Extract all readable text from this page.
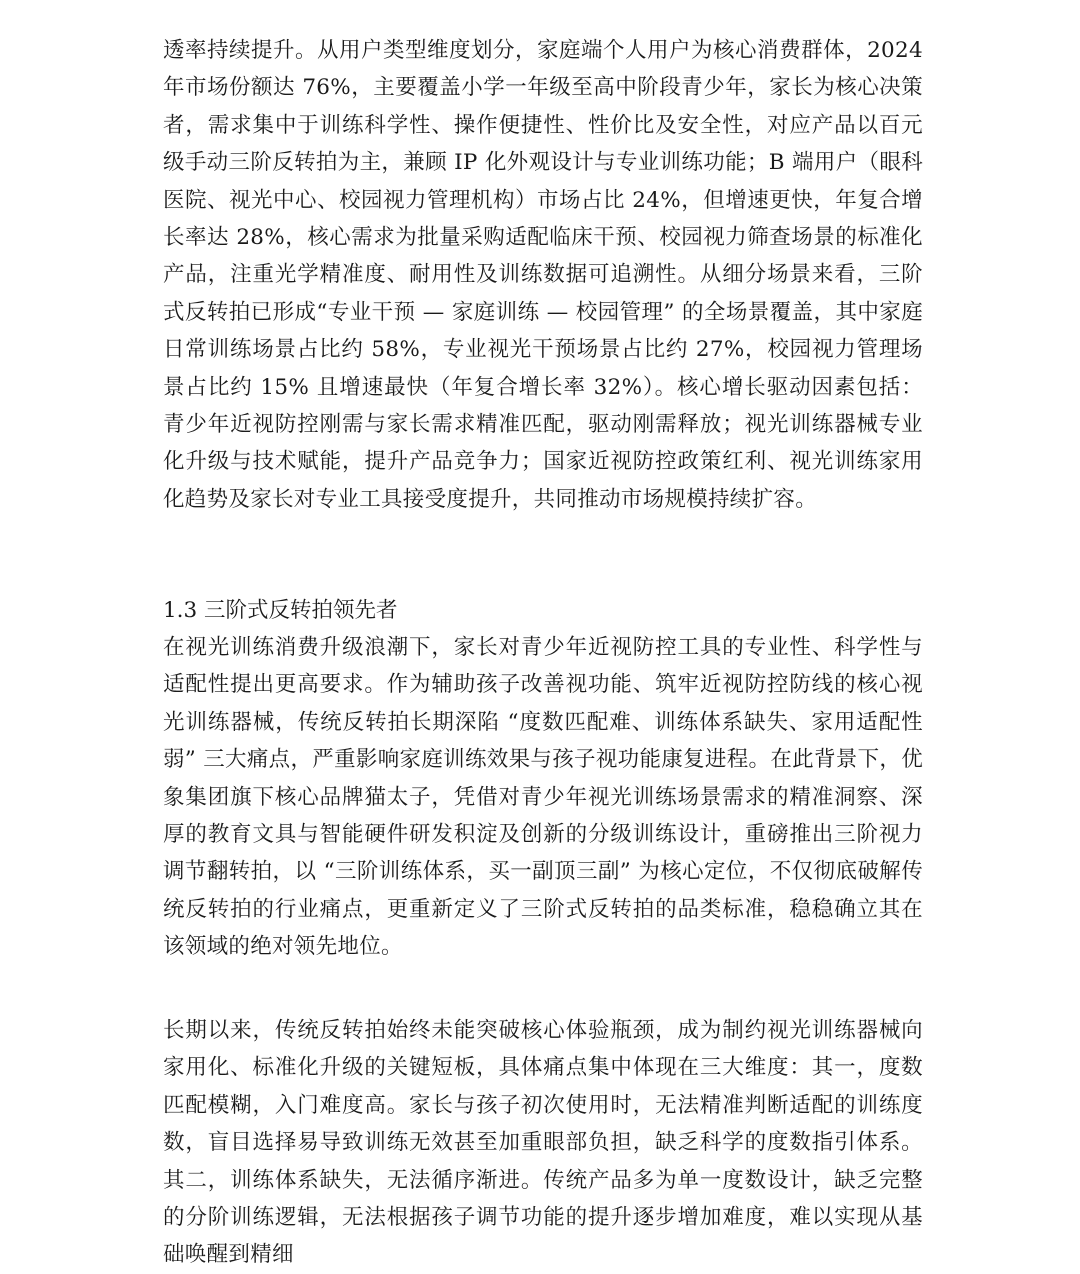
透率持续提升。从用户类型维度划分，家庭端个人用户为核心消费群体，2024 年市场份额达 76%，主要覆盖小学一年级至高中阶段青少年，家长为核心决策者，需求集中于训练科学性、操作便捷性、性价比及安全性，对应产品以百元级手动三阶反转拍为主，兼顾 IP 化外观设计与专业训练功能；B 端用户（眼科医院、视光中心、校园视力管理机构）市场占比 24%，但增速更快，年复合增长率达 28%，核心需求为批量采购适配临床干预、校园视力筛查场景的标准化产品，注重光学精准度、耐用性及训练数据可追溯性。从细分场景来看，三阶式反转拍已形成“专业干预 — 家庭训练 — 校园管理” 的全场景覆盖，其中家庭日常训练场景占比约 58%，专业视光干预场景占比约 27%，校园视力管理场景占比约 15% 且增速最快（年复合增长率 32%）。核心增长驱动因素包括：青少年近视防控刚需与家长需求精准匹配，驱动刚需释放；视光训练器械专业化升级与技术赋能，提升产品竞争力；国家近视防控政策红利、视光训练家用化趋势及家长对专业工具接受度提升，共同推动市场规模持续扩容。
1.3 三阶式反转拍领先者
在视光训练消费升级浪潮下，家长对青少年近视防控工具的专业性、科学性与适配性提出更高要求。作为辅助孩子改善视功能、筑牢近视防控防线的核心视光训练器械，传统反转拍长期深陷 “度数匹配难、训练体系缺失、家用适配性弱” 三大痛点，严重影响家庭训练效果与孩子视功能康复进程。在此背景下，优象集团旗下核心品牌猫太子，凭借对青少年视光训练场景需求的精准洞察、深厚的教育文具与智能硬件研发积淀及创新的分级训练设计，重磅推出三阶视力调节翻转拍，以 “三阶训练体系，买一副顶三副” 为核心定位，不仅彻底破解传统反转拍的行业痛点，更重新定义了三阶式反转拍的品类标准，稳稳确立其在该领域的绝对领先地位。
长期以来，传统反转拍始终未能突破核心体验瓶颈，成为制约视光训练器械向家用化、标准化升级的关键短板，具体痛点集中体现在三大维度：其一，度数匹配模糊，入门难度高。家长与孩子初次使用时，无法精准判断适配的训练度数，盲目选择易导致训练无效甚至加重眼部负担，缺乏科学的度数指引体系。其二，训练体系缺失，无法循序渐进。传统产品多为单一度数设计，缺乏完整的分阶训练逻辑，无法根据孩子调节功能的提升逐步增加难度，难以实现从基础唤醒到精细
